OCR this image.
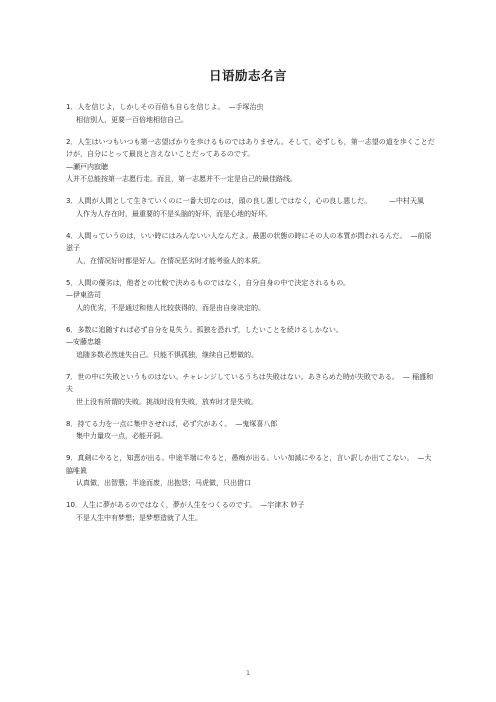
日语励志名言

1．人を信じよ，しかしその百倍も自らを信じよ。 —手塚治虫

相信别人，更要一百倍地相信自己。

2．人生はいつもいつも第一志望ばかりを歩けるものではありません。そして，必ずしも，第一志望の道を歩くことだけが，自分にとって最良と言えないことだってあるのです。

—瀬戸内寂聴

人并不总能按第一志愿行走。而且，第一志愿并不一定是自己的最佳路线。

3．人間が人間として生きていくのに一番大切なのは，頭の良し悪しではなく，心の良し悪しだ。	—中村天風

人作为人存在时，最重要的不是头脑的好坏，而是心地的好坏。

4．人間っていうのは，いい時にはみんないい人なんだよ。最悪の状態の時にその人の本質が問われるんだ。 —前原滋子

人，在情况好时都是好人。在情况恶劣时才能考验人的本质。

5．人間の優劣は，他者との比較で決めるものではなく，自分自身の中で決定されるもの。

—伊東浩司

人的优劣，不是通过和他人比较获得的，而是由自身决定的。

6．多数に追随すれば必ず自分を見失う。孤独を恐れず，したいことを続けるしかない。

—安藤忠雄

追随多数必然迷失自己。只能不惧孤独，继续自己想做的。

7．世の中に失敗というものはない。チャレンジしているうちは失敗はない。あきらめた時が失敗である。 — 稲盛和夫

世上没有所谓的失败。挑战时没有失败，放弃时才是失败。

8．持てる力を一点に集中させれば，必ず穴があく。 —鬼塚喜八郎

集中力量攻一点，必能开洞。

9．真剣にやると，知恵が出る。中途半端にやると，愚痴が出る。いい加減にやると，言い訳しか出てこない。 —大脇唯眞

认真做，出智慧；半途而废，出抱怨；马虎做，只出借口

10．人生に夢があるのではなく，夢が人生をつくるのです。 —宇津木 妙子

不是人生中有梦想；是梦想造就了人生。

1
